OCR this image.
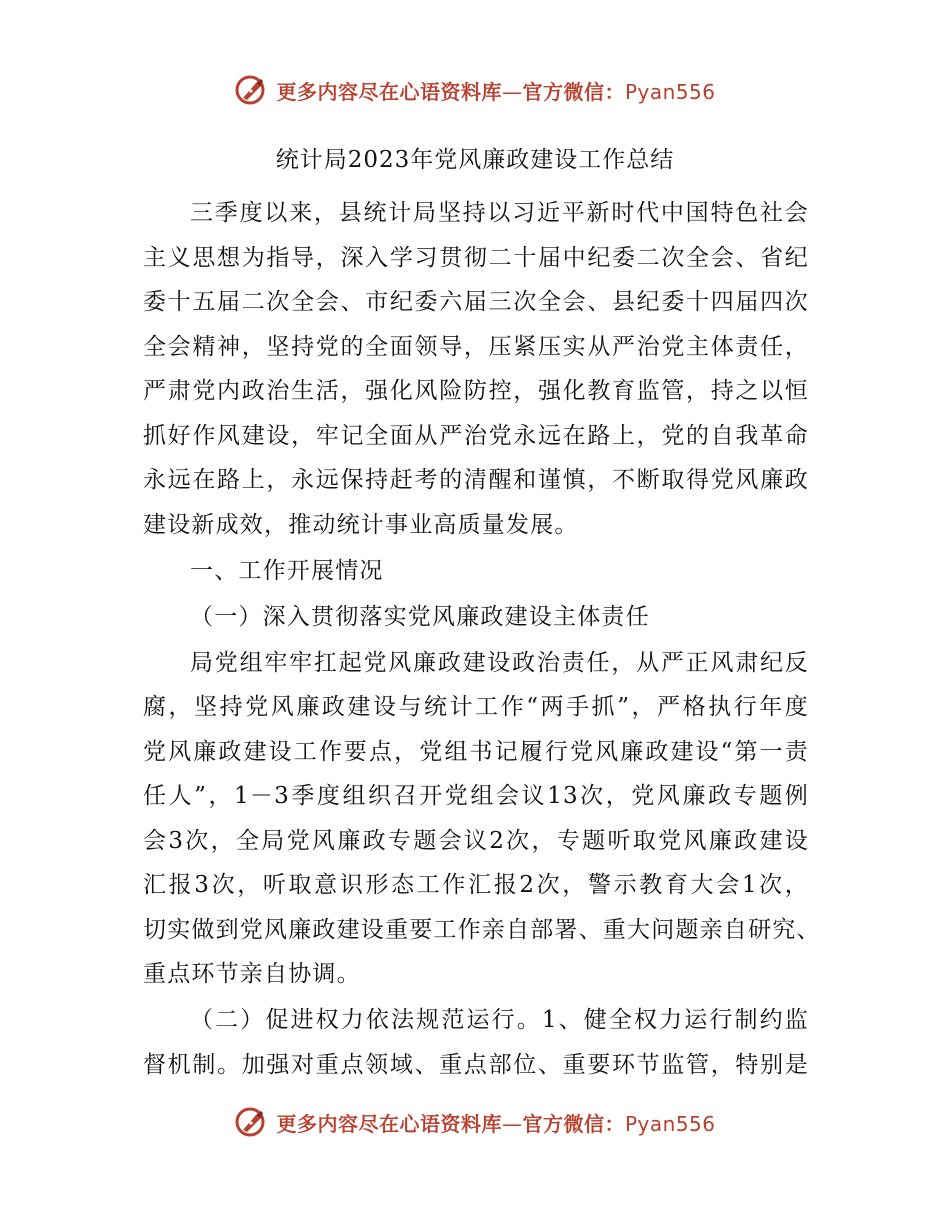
更多内容尽在心语资料库—官方微信：Pyan556
统计局2023年党风廉政建设工作总结
三季度以来，县统计局坚持以习近平新时代中国特色社会
主义思想为指导，深入学习贯彻二十届中纪委二次全会、省纪
委十五届二次全会、市纪委六届三次全会、县纪委十四届四次
全会精神，坚持党的全面领导，压紧压实从严治党主体责任，
严肃党内政治生活，强化风险防控，强化教育监管，持之以恒
抓好作风建设，牢记全面从严治党永远在路上，党的自我革命
永远在路上，永远保持赶考的清醒和谨慎，不断取得党风廉政
建设新成效，推动统计事业高质量发展。
一、工作开展情况
（一）深入贯彻落实党风廉政建设主体责任
局党组牢牢扛起党风廉政建设政治责任，从严正风肃纪反
腐，坚持党风廉政建设与统计工作“两手抓”，严格执行年度
党风廉政建设工作要点，党组书记履行党风廉政建设“第一责
任人”，1－3季度组织召开党组会议13次，党风廉政专题例
会3次，全局党风廉政专题会议2次，专题听取党风廉政建设
汇报3次，听取意识形态工作汇报2次，警示教育大会1次，
切实做到党风廉政建设重要工作亲自部署、重大问题亲自研究、
重点环节亲自协调。
（二）促进权力依法规范运行。1、健全权力运行制约监
督机制。加强对重点领域、重点部位、重要环节监管，特别是
更多内容尽在心语资料库—官方微信：Pyan556
